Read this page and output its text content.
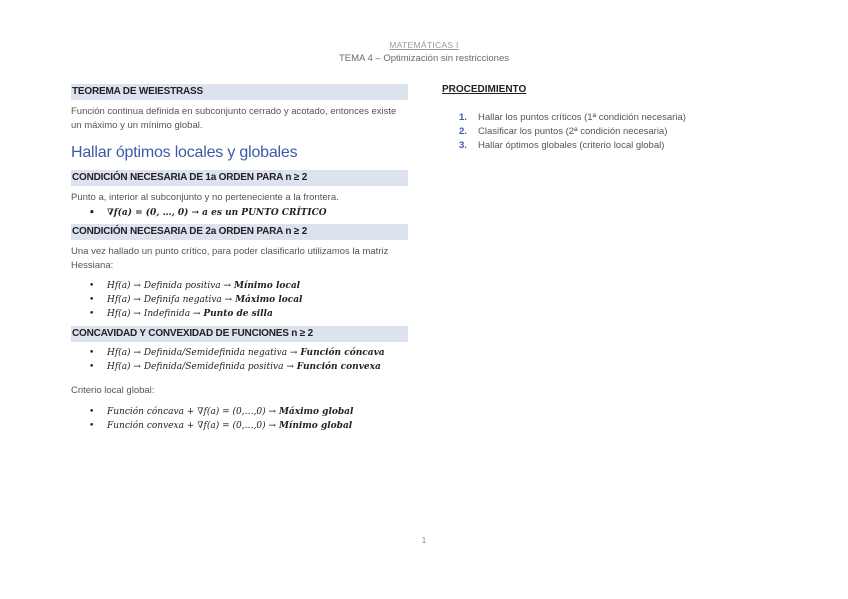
MATEMÁTICAS I
TEMA 4 – Optimización sin restricciones
TEOREMA DE WEIESTRASS
Función continua definida en subconjunto cerrado y acotado, entonces existe un máximo y un mínimo global.
Hallar óptimos locales y globales
CONDICIÓN NECESARIA DE 1a ORDEN PARA n ≥ 2
Punto a, interior al subconjunto y no perteneciente a la frontera.
• ∇f(a) = (0, …, 0) → a es un PUNTO CRÍTICO
CONDICIÓN NECESARIA DE 2a ORDEN PARA n ≥ 2
Una vez hallado un punto crítico, para poder clasificarlo utilizamos la matriz Hessiana:
• Hf(a) → Definida positiva → Mínimo local
• Hf(a) → Definifa negativa → Máximo local
• Hf(a) → Indefinida → Punto de silla
CONCAVIDAD Y CONVEXIDAD DE FUNCIONES n ≥ 2
• Hf(a) → Definida/Semidefinida negativa → Función cóncava
• Hf(a) → Definida/Semidefinida positiva → Función convexa
Criterio local global:
• Función cóncava + ∇f(a) = (0,…,0) → Máximo global
• Función convexa + ∇f(a) = (0,…,0) → Mínimo global
PROCEDIMIENTO
1. Hallar los puntos críticos (1ª condición necesaria)
2. Clasificar los puntos (2ª condición necesaria)
3. Hallar óptimos globales (criterio local global)
1
